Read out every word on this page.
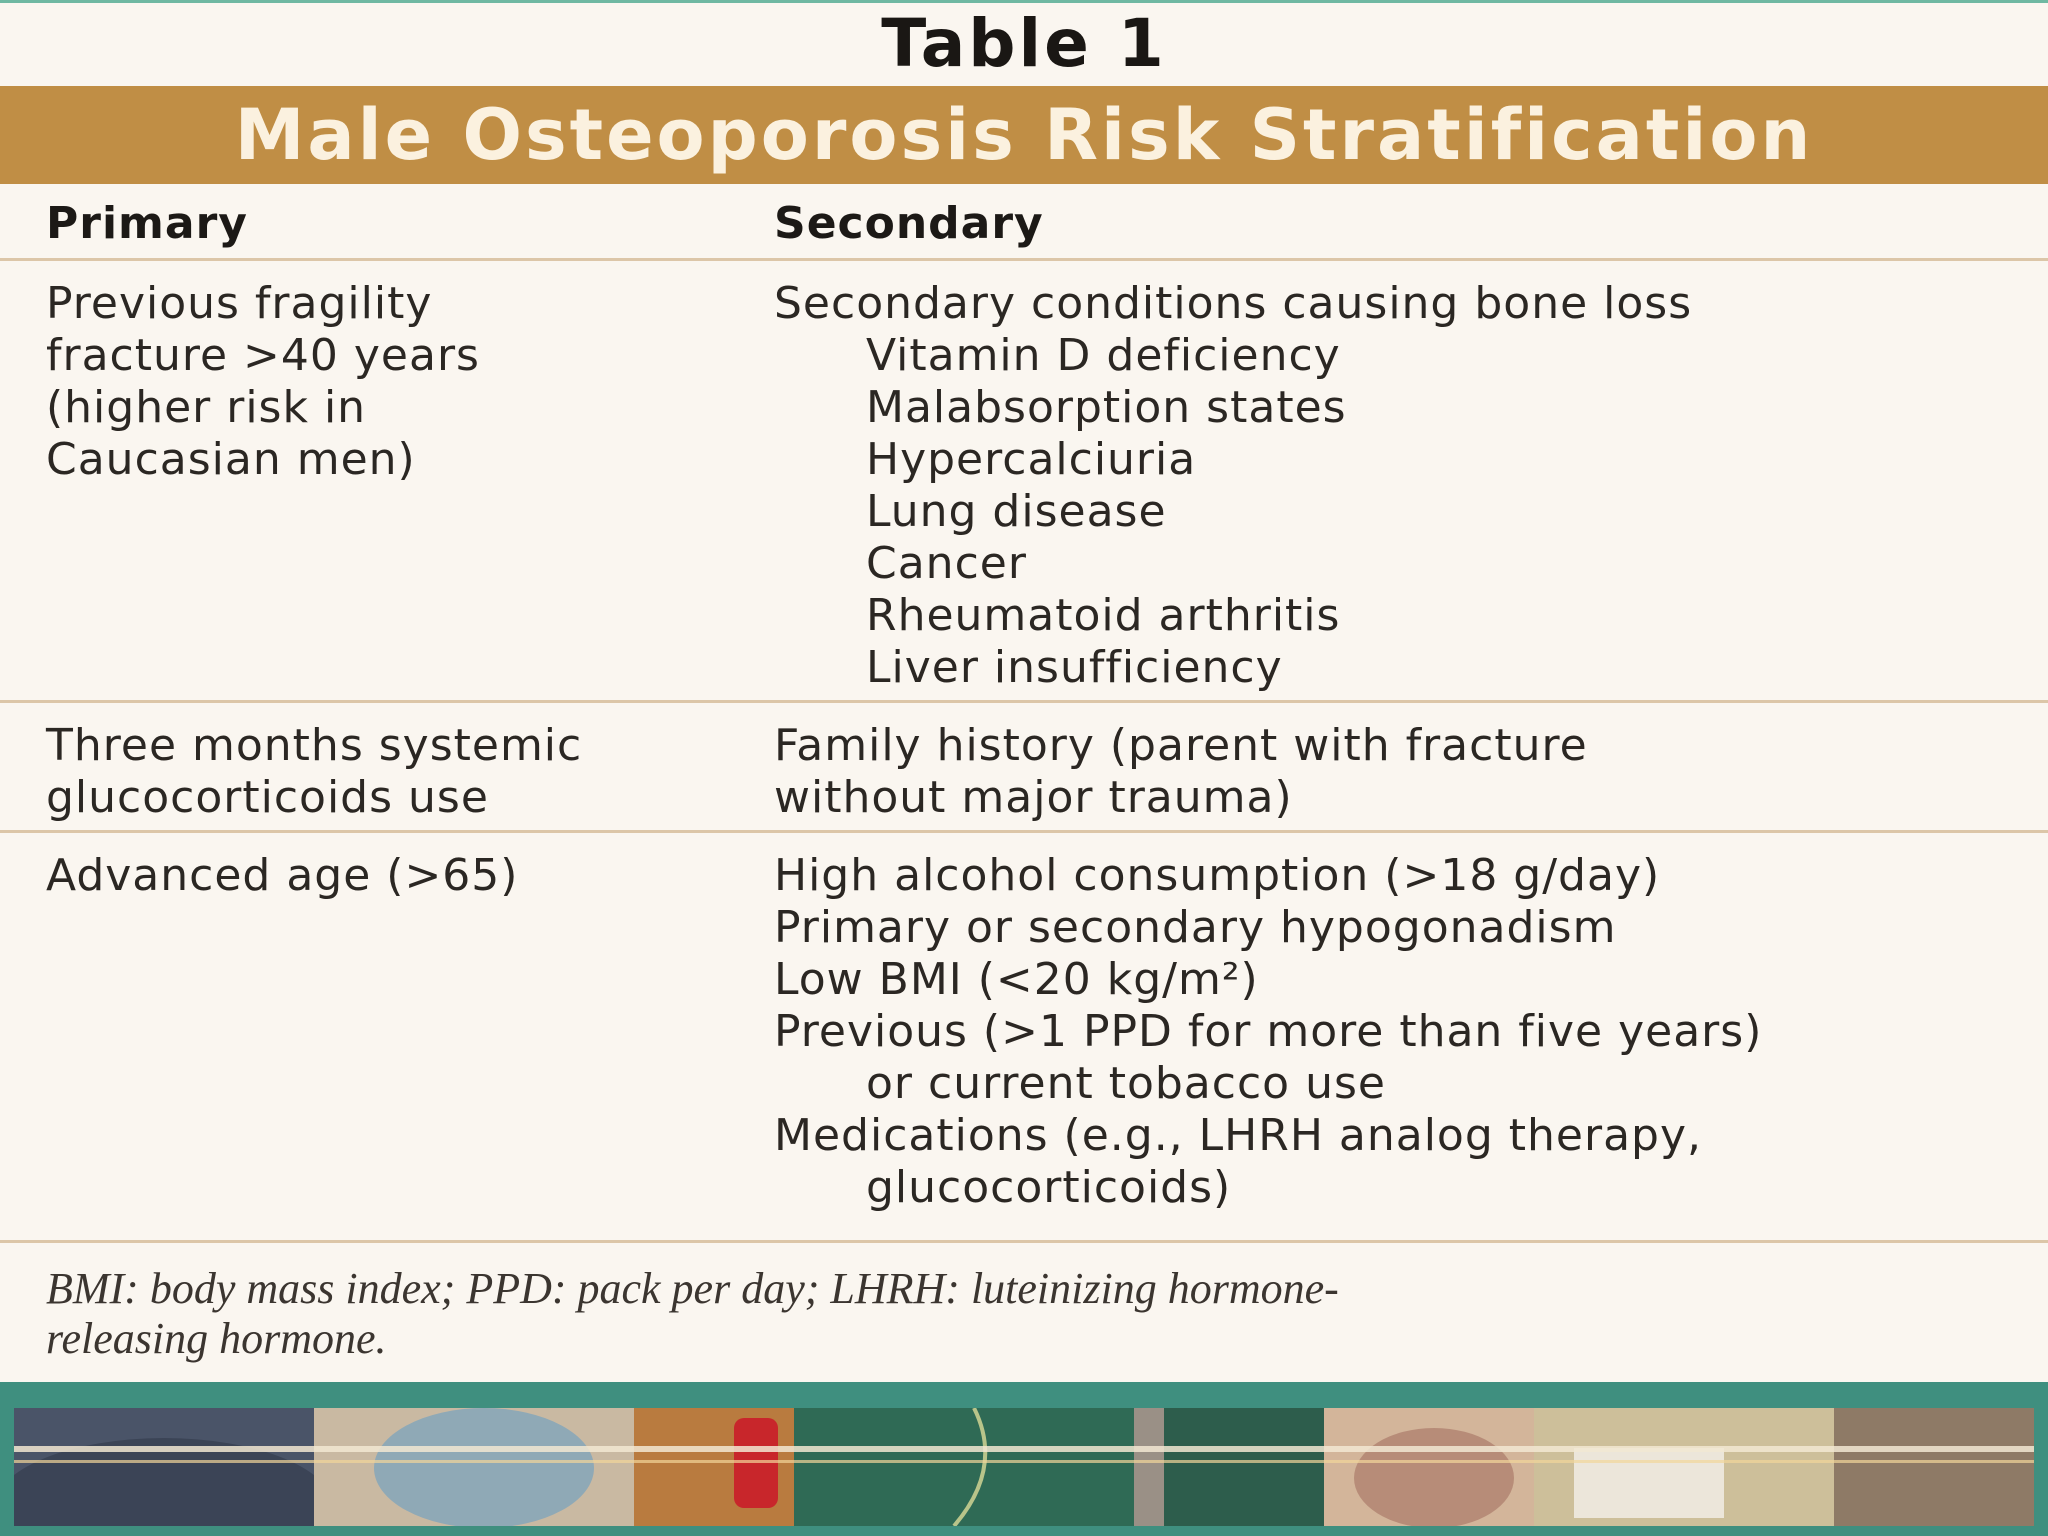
Table 1
Male Osteoporosis Risk Stratification
Primary	Secondary
Previous fragility
fracture >40 years
(higher risk in
Caucasian men)
Secondary conditions causing bone loss
Vitamin D deficiency
Malabsorption states
Hypercalciuria
Lung disease
Cancer
Rheumatoid arthritis
Liver insufficiency
Three months systemic
glucocorticoids use
Family history (parent with fracture
without major trauma)
Advanced age (>65)	High alcohol consumption (>18 g/day)
Primary or secondary hypogonadism
Low BMI (<20 kg/m²)
Previous (>1 PPD for more than five years)
or current tobacco use
Medications (e.g., LHRH analog therapy,
glucocorticoids)
BMI: body mass index; PPD: pack per day; LHRH: luteinizing hormone-
releasing hormone.
